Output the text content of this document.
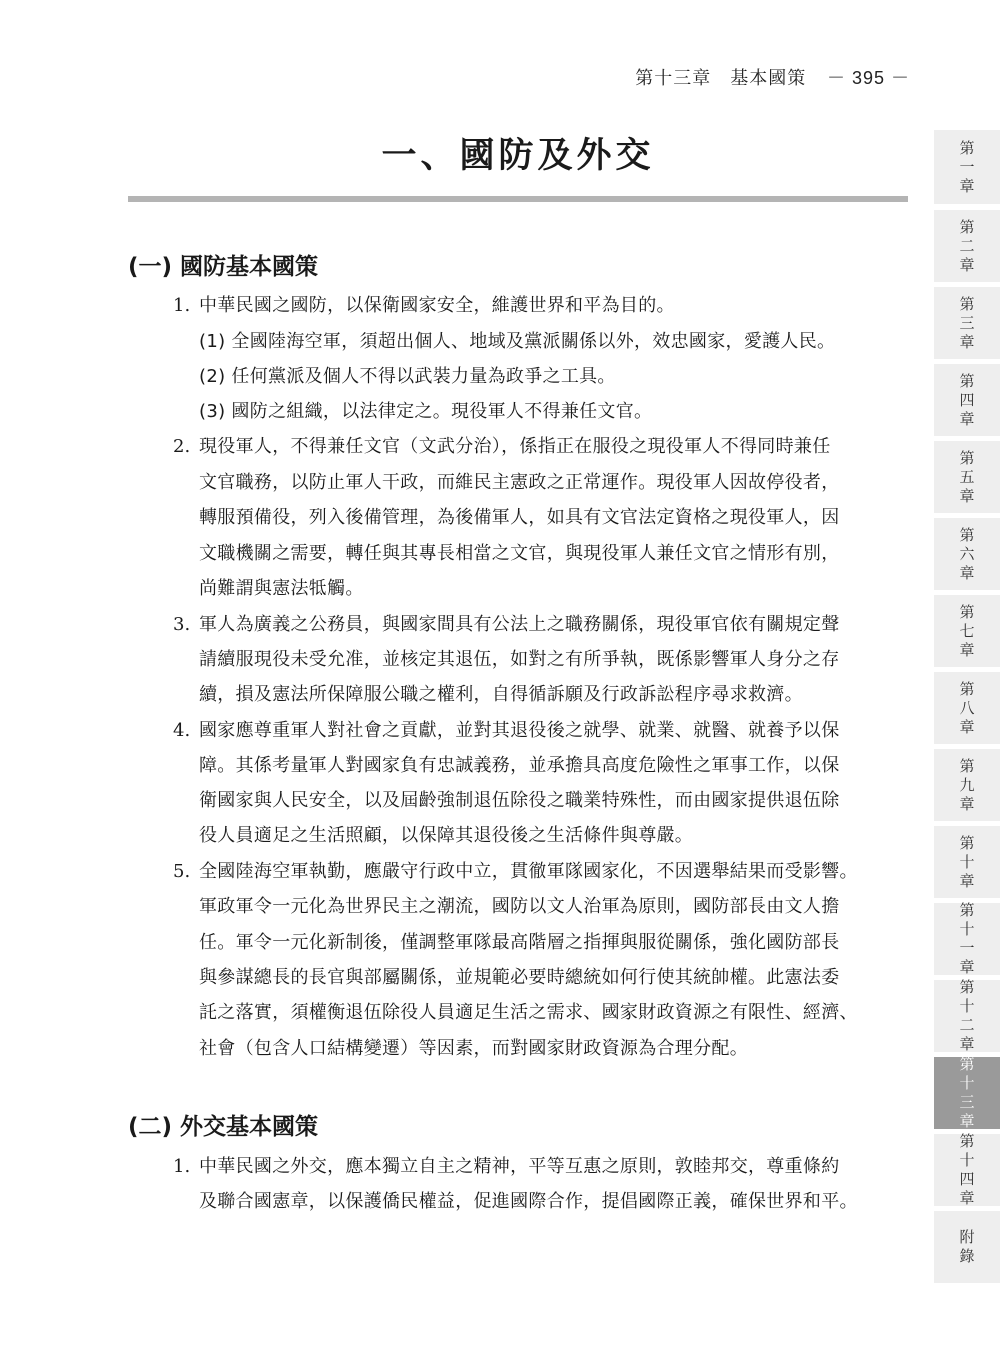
第十三章　基本國策 － 395 －
一、國防及外交
(一) 國防基本國策
(二) 外交基本國策
1.
2.
3.
4.
5.
1.
中華民國之國防，以保衛國家安全，維護世界和平為目的。
(1) 全國陸海空軍，須超出個人、地域及黨派關係以外，效忠國家，愛護人民。
(2) 任何黨派及個人不得以武裝力量為政爭之工具。
(3) 國防之組織，以法律定之。現役軍人不得兼任文官。
現役軍人，不得兼任文官（文武分治），係指正在服役之現役軍人不得同時兼任
文官職務，以防止軍人干政，而維民主憲政之正常運作。現役軍人因故停役者，
轉服預備役，列入後備管理，為後備軍人，如具有文官法定資格之現役軍人，因
文職機關之需要，轉任與其專長相當之文官，與現役軍人兼任文官之情形有別，
尚難謂與憲法牴觸。
軍人為廣義之公務員，與國家間具有公法上之職務關係，現役軍官依有關規定聲
請續服現役未受允准，並核定其退伍，如對之有所爭執，既係影響軍人身分之存
續，損及憲法所保障服公職之權利，自得循訴願及行政訴訟程序尋求救濟。
國家應尊重軍人對社會之貢獻，並對其退役後之就學、就業、就醫、就養予以保
障。其係考量軍人對國家負有忠誠義務，並承擔具高度危險性之軍事工作，以保
衛國家與人民安全，以及屆齡強制退伍除役之職業特殊性，而由國家提供退伍除
役人員適足之生活照顧，以保障其退役後之生活條件與尊嚴。
全國陸海空軍執勤，應嚴守行政中立，貫徹軍隊國家化，不因選舉結果而受影響。
軍政軍令一元化為世界民主之潮流，國防以文人治軍為原則，國防部長由文人擔
任。軍令一元化新制後，僅調整軍隊最高階層之指揮與服從關係，強化國防部長
與參謀總長的長官與部屬關係，並規範必要時總統如何行使其統帥權。此憲法委
託之落實，須權衡退伍除役人員適足生活之需求、國家財政資源之有限性、經濟、
社會（包含人口結構變遷）等因素，而對國家財政資源為合理分配。
中華民國之外交，應本獨立自主之精神，平等互惠之原則，敦睦邦交，尊重條約
及聯合國憲章，以保護僑民權益，促進國際合作，提倡國際正義，確保世界和平。
第一章
第二章
第三章
第四章
第五章
第六章
第七章
第八章
第九章
第十章
第十一章
第十二章
第十三章
第十四章
附錄
